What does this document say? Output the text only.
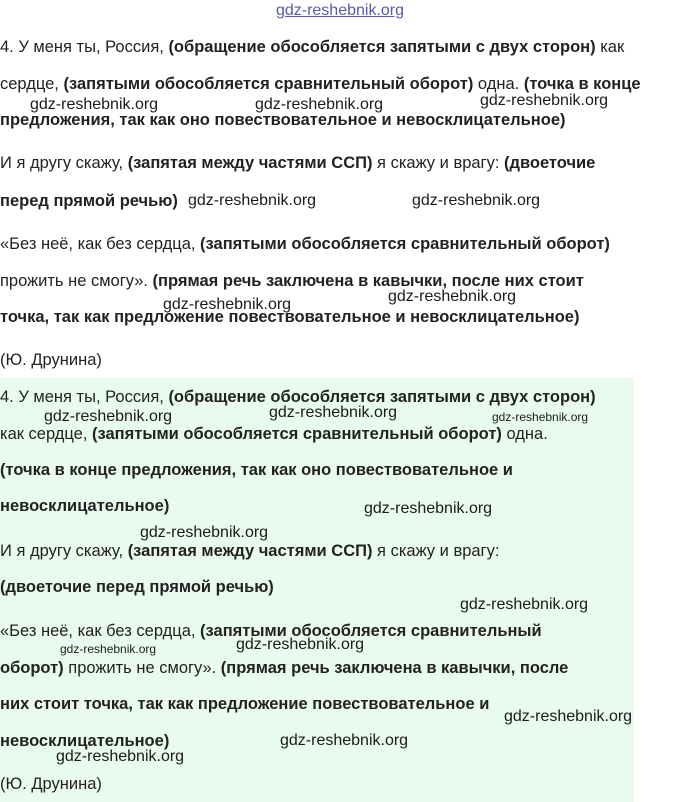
gdz-reshebnik.org
4. У меня ты, Россия, (обращение обособляется запятыми с двух сторон) как
сердце, (запятыми обособляется сравнительный оборот) одна. (точка в конце
предложения, так как оно повествовательное и невосклицательное)
И я другу скажу, (запятая между частями ССП) я скажу и врагу: (двоеточие
перед прямой речью)
«Без неё, как без сердца, (запятыми обособляется сравнительный оборот)
прожить не смогу». (прямая речь заключена в кавычки, после них стоит
точка, так как предложение повествовательное и невосклицательное)
(Ю. Друнина)
4. У меня ты, Россия, (обращение обособляется запятыми с двух сторон)
как сердце, (запятыми обособляется сравнительный оборот) одна.
(точка в конце предложения, так как оно повествовательное и
невосклицательное)
И я другу скажу, (запятая между частями ССП) я скажу и врагу:
(двоеточие перед прямой речью)
«Без неё, как без сердца, (запятыми обособляется сравнительный
оборот) прожить не смогу». (прямая речь заключена в кавычки, после
них стоит точка, так как предложение повествовательное и
невосклицательное)
(Ю. Друнина)
gdz-reshebnik.org	gdz-reshebnik.org	gdz-reshebnik.org
gdz-reshebnik.org	gdz-reshebnik.org
gdz-reshebnik.org	gdz-reshebnik.org
gdz-reshebnik.org	gdz-reshebnik.org	gdz-reshebnik.org
gdz-reshebnik.org
gdz-reshebnik.org
gdz-reshebnik.org
gdz-reshebnik.org
gdz-reshebnik.org
gdz-reshebnik.org
gdz-reshebnik.org
gdz-reshebnik.org
